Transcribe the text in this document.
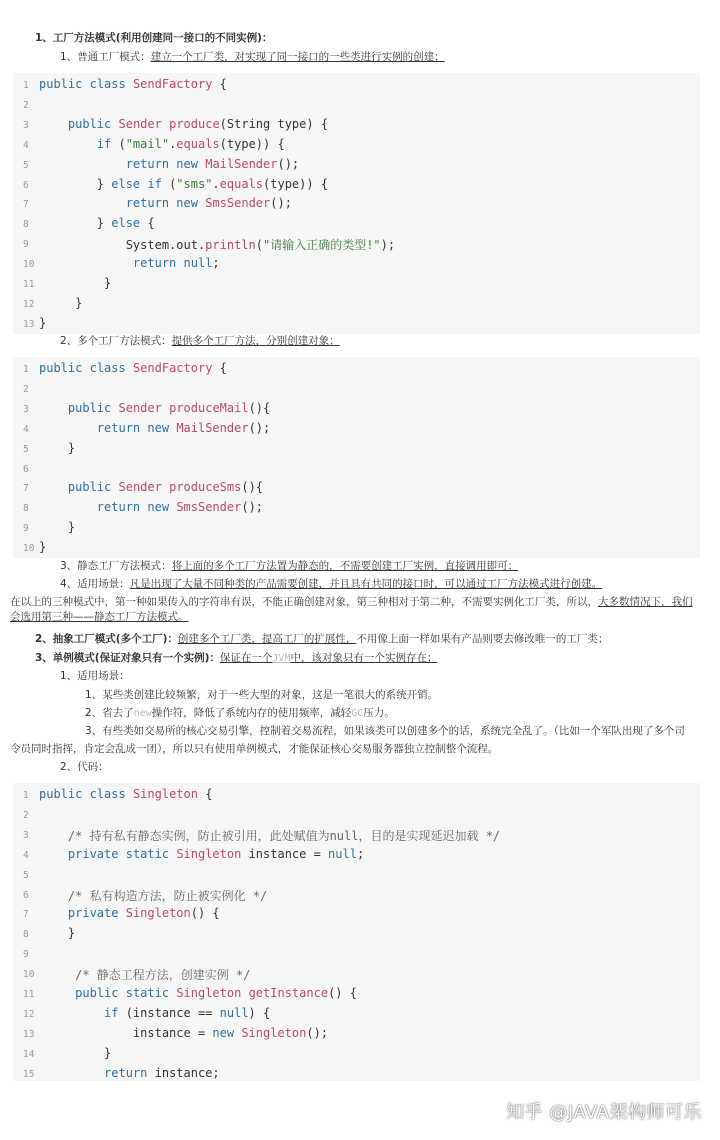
1、工厂方法模式(利用创建同一接口的不同实例)：
1、普通工厂模式：建立一个工厂类，对实现了同一接口的一些类进行实例的创建；
1 public class SendFactory {
2
3	public Sender produce(String type) {
4	if ("mail".equals(type)) {
5	return new MailSender();
6 } else if ("sms".equals(type)) {
7	return new SmsSender();
8 } else {
9 System.out.println("请输入正确的类型!");
10	return null;
11 }
12 }
13 }
2、多个工厂方法模式：提供多个工厂方法，分别创建对象；
1 public class SendFactory {
2
3	public Sender produceMail(){
4	return new MailSender();
5 }
6
7	public Sender produceSms(){
8	return new SmsSender();
9 }
10 }
3、静态工厂方法模式：将上面的多个工厂方法置为静态的，不需要创建工厂实例，直接调用即可；
4、适用场景：凡是出现了大量不同种类的产品需要创建，并且具有共同的接口时，可以通过工厂方法模式进行创建。
在以上的三种模式中，第一种如果传入的字符串有误，不能正确创建对象，第三种相对于第二种，不需要实例化工厂类，所以，大多数情况下，我们会选用第三种——静态工厂方法模式。
2、抽象工厂模式(多个工厂)：创建多个工厂类，提高工厂的扩展性，不用像上面一样如果有产品则要去修改唯一的工厂类；
3、单例模式(保证对象只有一个实例)：保证在一个JVM中，该对象只有一个实例存在；
1、适用场景：
1、某些类创建比较频繁，对于一些大型的对象，这是一笔很大的系统开销。
2、省去了new操作符，降低了系统内存的使用频率，减轻GC压力。
3、有些类如交易所的核心交易引擎，控制着交易流程，如果该类可以创建多个的话，系统完全乱了。（比如一个军队出现了多个司
令员同时指挥，肯定会乱成一团），所以只有使用单例模式，才能保证核心交易服务器独立控制整个流程。
2、代码：
1 public class Singleton {
2
3 /* 持有私有静态实例，防止被引用，此处赋值为null，目的是实现延迟加载 */
4	private static Singleton instance = null;
5
6 /* 私有构造方法，防止被实例化 */
7	private Singleton() {
8 }
9
10 /* 静态工程方法，创建实例 */
11	public static Singleton getInstance() {
12	if (instance == null) {
13 instance = new Singleton();
14 }
15	return instance;
知乎 @JAVA架构师可乐
